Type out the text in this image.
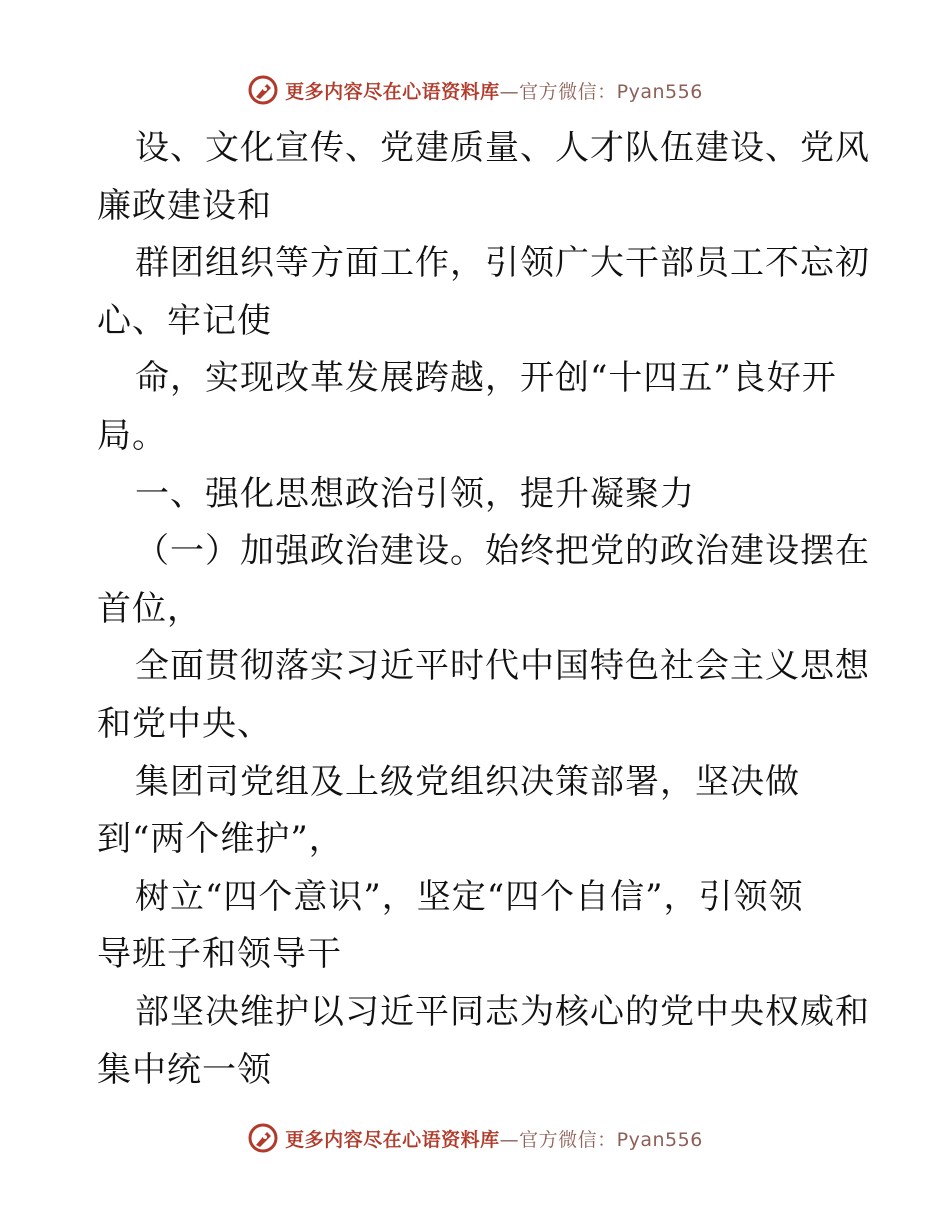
更多内容尽在心语资料库—官方微信：Pyan556
设、文化宣传、党建质量、人才队伍建设、党风
廉政建设和
群团组织等方面工作，引领广大干部员工不忘初
心、牢记使
命，实现改革发展跨越，开创“十四五”良好开
局。
一、强化思想政治引领，提升凝聚力
（一）加强政治建设。始终把党的政治建设摆在
首位，
全面贯彻落实习近平时代中国特色社会主义思想
和党中央、
集团司党组及上级党组织决策部署，坚决做
到“两个维护”，
树立“四个意识”，坚定“四个自信”，引领领
导班子和领导干
部坚决维护以习近平同志为核心的党中央权威和
集中统一领
更多内容尽在心语资料库—官方微信：Pyan556
